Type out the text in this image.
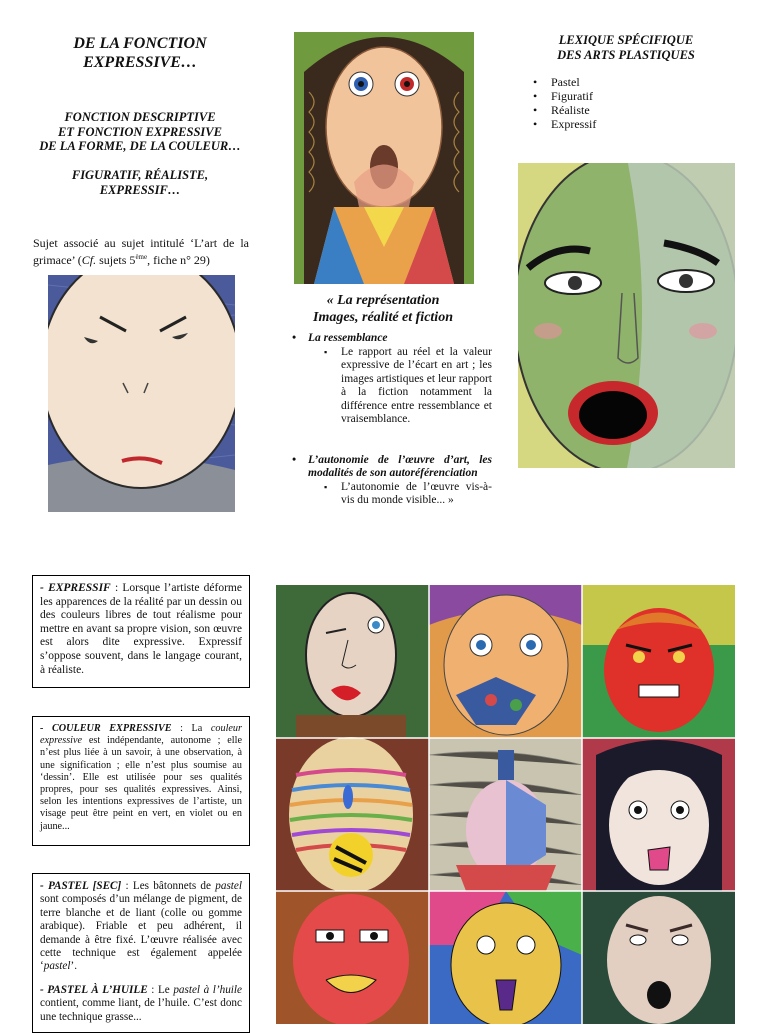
DE LA FONCTION
EXPRESSIVE…
FONCTION DESCRIPTIVE
ET FONCTION EXPRESSIVE
DE LA FORME, DE LA COULEUR…
FIGURATIF, RÉALISTE,
EXPRESSIF…
Sujet associé au sujet intitulé ‘L’art de la grimace’ (Cf. sujets 5ème, fiche n° 29)
« La représentation
Images, réalité et fiction
• La ressemblance
▪ Le rapport au réel et la valeur expressive de l’écart en art ; les images artistiques et leur rapport à la fiction notamment la différence entre ressemblance et vraisemblance.
• L’autonomie de l’œuvre d’art, les modalités de son autoréférenciation
▪ L’autonomie de l’œuvre vis-à-vis du monde visible... »
LEXIQUE SPÉCIFIQUE
DES ARTS PLASTIQUES
• Pastel
• Figuratif
• Réaliste
• Expressif
- EXPRESSIF : Lorsque l’artiste déforme les apparences de la réalité par un dessin ou des couleurs libres de tout réalisme pour mettre en avant sa propre vision, son œuvre est alors dite expressive. Expressif s’oppose souvent, dans le langage courant, à réaliste.
- COULEUR EXPRESSIVE : La couleur expressive est indépendante, autonome ; elle n’est plus liée à un savoir, à une observation, à une signification ; elle n’est plus soumise au ‘dessin’. Elle est utilisée pour ses qualités propres, pour ses qualités expressives. Ainsi, selon les intentions expressives de l’artiste, un visage peut être peint en vert, en violet ou en jaune...

- PASTEL [SEC] : Les bâtonnets de pastel sont composés d’un mélange de pigment, de terre blanche et de liant (colle ou gomme arabique). Friable et peu adhérent, il demande à être fixé. L’œuvre réalisée avec cette technique est également appelée ‘pastel’.

- PASTEL À L’HUILE : Le pastel à l’huile contient, comme liant, de l’huile. C’est donc une technique grasse...
